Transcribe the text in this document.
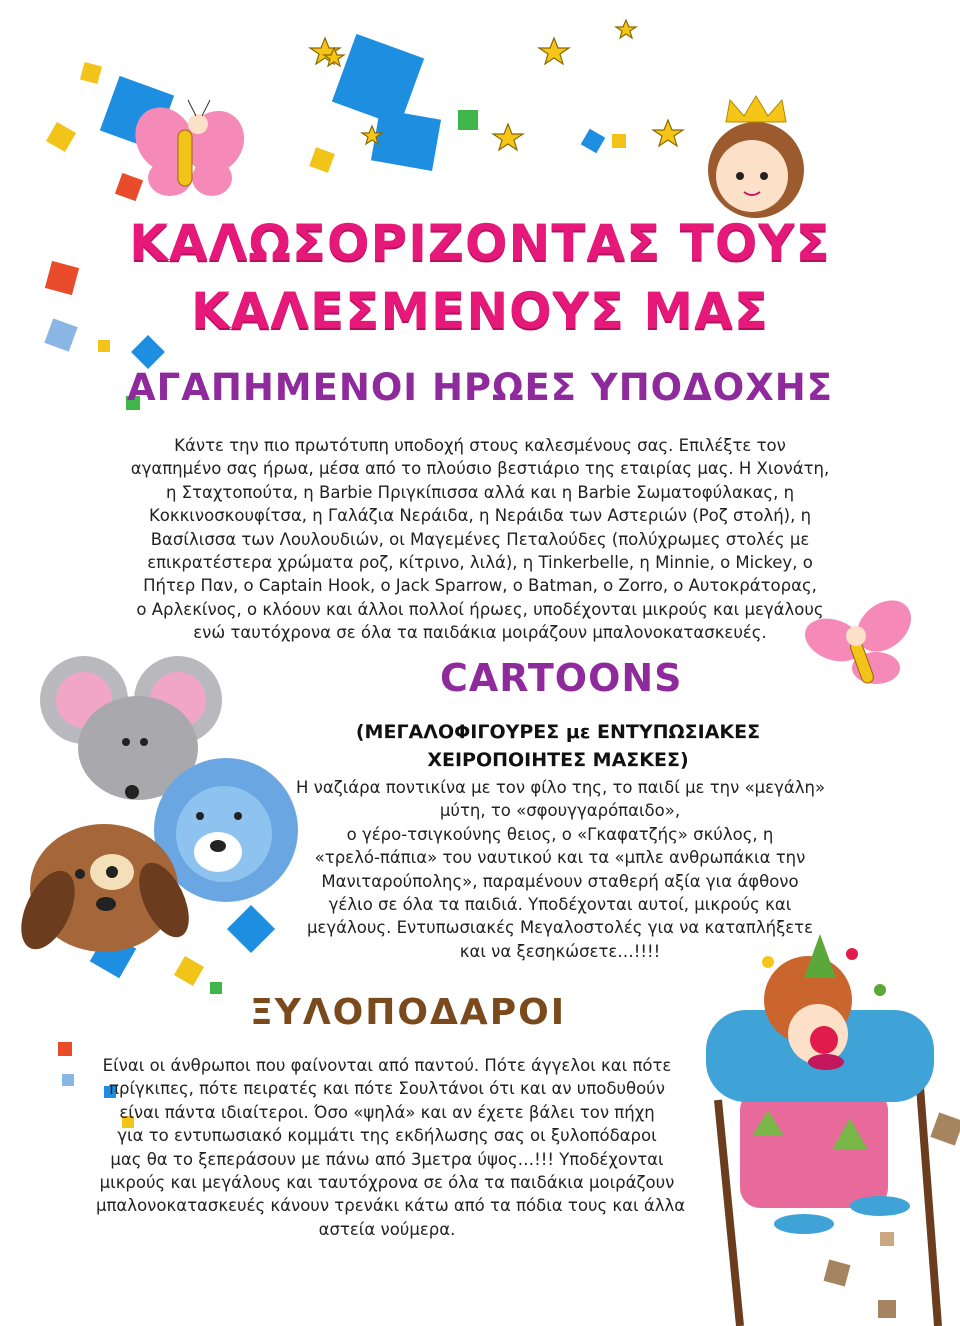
ΚΑΛΩΣΟΡΙΖΟΝΤΑΣ ΤΟΥΣ
ΚΑΛΕΣΜΕΝΟΥΣ ΜΑΣ
ΑΓΑΠΗΜΕΝΟΙ ΗΡΩΕΣ ΥΠΟΔΟΧΗΣ
Κάντε την πιο πρωτότυπη υποδοχή στους καλεσμένους σας. Επιλέξτε τον
αγαπημένο σας ήρωα, μέσα από το πλούσιο βεστιάριο της εταιρίας μας. Η Χιονάτη,
η Σταχτοπούτα, η Barbie Πριγκίπισσα αλλά και η Barbie Σωματοφύλακας, η
Κοκκινοσκουφίτσα, η Γαλάζια Νεράιδα, η Νεράιδα των Αστεριών (Ροζ στολή), η
Βασίλισσα των Λουλουδιών, οι Μαγεμένες Πεταλούδες (πολύχρωμες στολές με
επικρατέστερα χρώματα ροζ, κίτρινο, λιλά), η Tinkerbelle, η Minnie, ο Mickey, ο
Πήτερ Παν, ο Captain Hook, ο Jack Sparrow, ο Batman, ο Zorro, ο Αυτοκράτορας,
ο Αρλεκίνος, ο κλόουν και άλλοι πολλοί ήρωες, υποδέχονται μικρούς και μεγάλους
ενώ ταυτόχρονα σε όλα τα παιδάκια μοιράζουν μπαλονοκατασκευές.
CARTOONS
(ΜΕΓΑΛΟΦΙΓΟΥΡΕΣ με ΕΝΤΥΠΩΣΙΑΚΕΣ
ΧΕΙΡΟΠΟΙΗΤΕΣ ΜΑΣΚΕΣ)
Η ναζιάρα ποντικίνα με τον φίλο της, το παιδί με την «μεγάλη»
μύτη, το «σφουγγαρόπαιδο»,
ο γέρο-τσιγκούνης θειος, ο «Γκαφατζής» σκύλος, η
«τρελό-πάπια» του ναυτικού και τα «μπλε ανθρωπάκια την
Μανιταρούπολης», παραμένουν σταθερή αξία για άφθονο
γέλιο σε όλα τα παιδιά. Υποδέχονται αυτοί, μικρούς και
μεγάλους. Εντυπωσιακές Μεγαλοστολές για να καταπλήξετε
και να ξεσηκώσετε…!!!!
ΞΥΛΟΠΟΔΑΡΟΙ
Είναι οι άνθρωποι που φαίνονται από παντού. Πότε άγγελοι και πότε
πρίγκιπες, πότε πειρατές και πότε Σουλτάνοι ότι και αν υποδυθούν
είναι πάντα ιδιαίτεροι. Όσο «ψηλά» και αν έχετε βάλει τον πήχη
για το εντυπωσιακό κομμάτι της εκδήλωσης σας οι ξυλοπόδαροι
μας θα το ξεπεράσουν με πάνω από 3μετρα ύψος…!!! Υποδέχονται
μικρούς και μεγάλους και ταυτόχρονα σε όλα τα παιδάκια μοιράζουν
μπαλονοκατασκευές κάνουν τρενάκι κάτω από τα πόδια τους και άλλα
αστεία νούμερα.
